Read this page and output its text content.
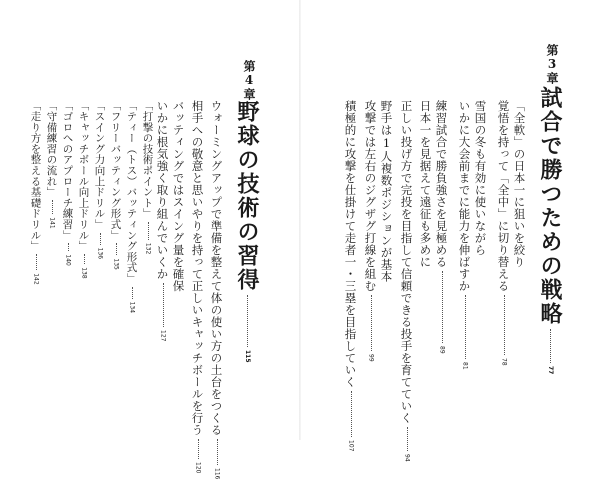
第3章
試合で勝つための戦略77
「全軟」の日本一に狙いを絞り
覚悟を持って「全中」に切り替える78
雪国の冬も有効に使いながら
いかに大会前までに能力を伸ばすか81
練習試合で勝負強さを見極める89
日本一を見据えて遠征も多めに
正しい投げ方で完投を目指して信頼できる投手を育てていく94
野手は1人複数ポジションが基本
攻撃では左右のジグザグ打線を組む99
積極的に攻撃を仕掛けて走者一・三塁を目指していく107
第4章
野球の技術の習得115
ウォーミングアップで準備を整えて体の使い方の土台をつくる116
相手への敬意と思いやりを持って正しいキャッチボールを行う120
バッティングではスイング量を確保
いかに根気強く取り組んでいくか127
「打撃の技術ポイント」132
「ティー（トス）バッティング形式」134
「フリーバッティング形式」135
「スイング力向上ドリル」136
「キャッチボール向上ドリル」138
「ゴロへのアプローチ練習」140
「守備練習の流れ」141
「走り方を整える基礎ドリル」142
